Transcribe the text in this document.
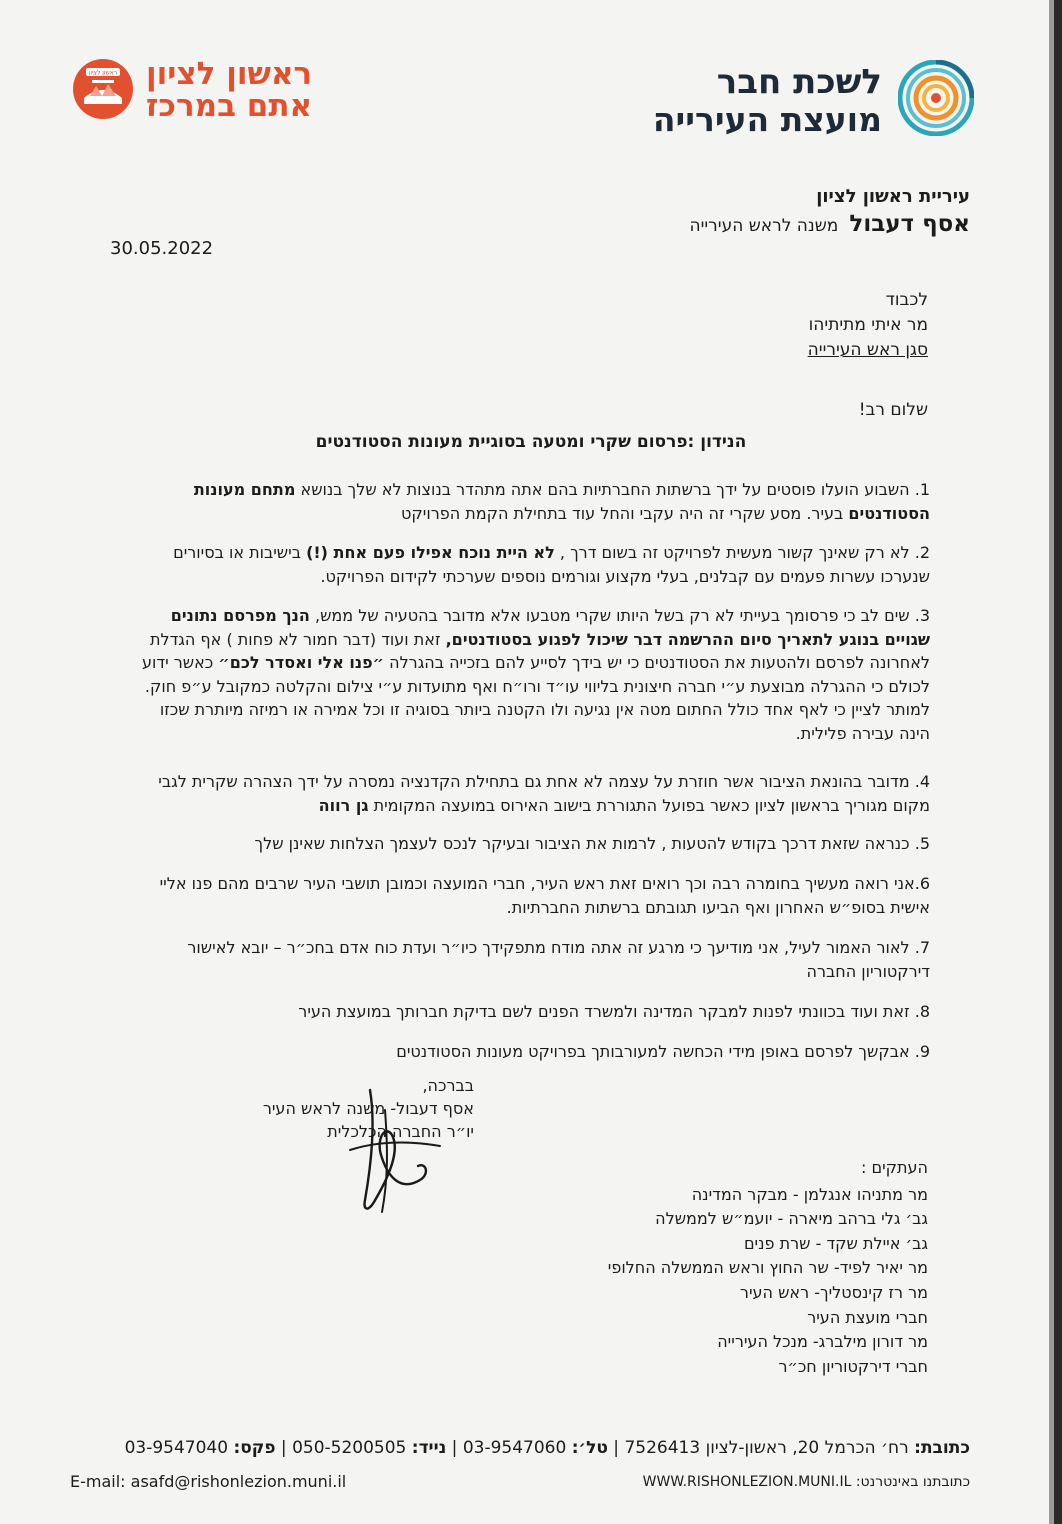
לשכת חבר
מועצת העירייה
ראשון לציון ראשון לציון
אתם במרכז
עיריית ראשון לציון
אסף דעבול משנה לראש העירייה
30.05.2022
לכבוד
מר איתי מתיתיהו
סגן ראש העירייה
שלום רב!
הנידון :פרסום שקרי ומטעה בסוגיית מעונות הסטודנטים
1. השבוע הועלו פוסטים על ידך ברשתות החברתיות בהם אתה מתהדר בנוצות לא שלך בנושא מתחם מעונות הסטודנטים בעיר. מסע שקרי זה היה עקבי והחל עוד בתחילת הקמת הפרויקט
2. לא רק שאינך קשור מעשית לפרויקט זה בשום דרך , לא היית נוכח אפילו פעם אחת (!) בישיבות או בסיורים שנערכו עשרות פעמים עם קבלנים, בעלי מקצוע וגורמים נוספים שערכתי לקידום הפרויקט.
3. שים לב כי פרסומך בעייתי לא רק בשל היותו שקרי מטבעו אלא מדובר בהטעיה של ממש, הנך מפרסם נתונים שגויים בנוגע לתאריך סיום ההרשמה דבר שיכול לפגוע בסטודנטים, זאת ועוד (דבר חמור לא פחות ) אף הגדלת לאחרונה לפרסם ולהטעות את הסטודנטים כי יש בידך לסייע להם בזכייה בהגרלה ״פנו אלי ואסדר לכם״ כאשר ידוע לכולם כי ההגרלה מבוצעת ע״י חברה חיצונית בליווי עו״ד ורו״ח ואף מתועדות ע״י צילום והקלטה כמקובל ע״פ חוק. למותר לציין כי לאף אחד כולל החתום מטה אין נגיעה ולו הקטנה ביותר בסוגיה זו וכל אמירה או רמיזה מיותרת שכזו הינה עבירה פלילית.
4. מדובר בהונאת הציבור אשר חוזרת על עצמה לא אחת גם בתחילת הקדנציה נמסרה על ידך הצהרה שקרית לגבי מקום מגוריך בראשון לציון כאשר בפועל התגוררת בישוב האירוס במועצה המקומית גן רווה
5. כנראה שזאת דרכך בקודש להטעות , לרמות את הציבור ובעיקר לנכס לעצמך הצלחות שאינן שלך
6.אני רואה מעשיך בחומרה רבה וכך רואים זאת ראש העיר, חברי המועצה וכמובן תושבי העיר שרבים מהם פנו אליי אישית בסופ״ש האחרון ואף הביעו תגובתם ברשתות החברתיות.
7. לאור האמור לעיל, אני מודיעך כי מרגע זה אתה מודח מתפקידך כיו״ר ועדת כוח אדם בחכ״ר – יובא לאישור דירקטוריון החברה
8. זאת ועוד בכוונתי לפנות למבקר המדינה ולמשרד הפנים לשם בדיקת חברותך במועצת העיר
9. אבקשך לפרסם באופן מידי הכחשה למעורבותך בפרויקט מעונות הסטודנטים
בברכה,
אסף דעבול- משנה לראש העיר
יו״ר החברה הכלכלית
העתקים :
מר מתניהו אנגלמן - מבקר המדינה
גב׳ גלי ברהב מיארה - יועמ״ש לממשלה
גב׳ איילת שקד - שרת פנים
מר יאיר לפיד- שר החוץ וראש הממשלה החלופי
מר רז קינסטליך- ראש העיר
חברי מועצת העיר
מר דורון מילברג- מנכל העירייה
חברי דירקטוריון חכ״ר
כתובת: רח׳ הכרמל 20, ראשון-לציון 7526413 | טל׳: 03-9547060 | נייד: 050-5200505 | פקס: 03-9547040
כתובתנו באינטרנט: WWW.RISHONLEZION.MUNI.IL
E-mail: asafd@rishonlezion.muni.il
